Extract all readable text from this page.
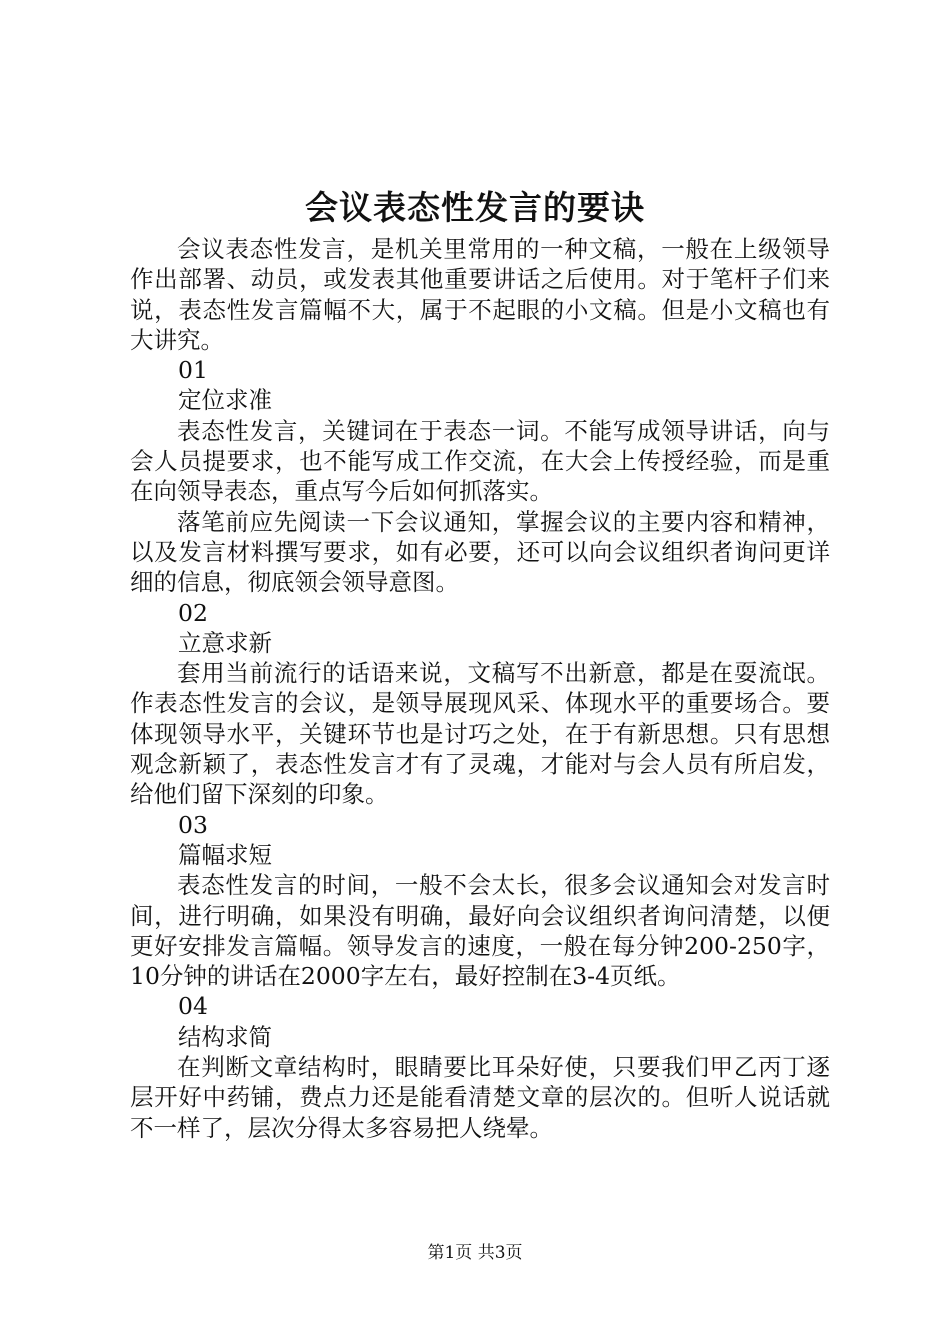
会议表态性发言的要诀

会议表态性发言，是机关里常用的一种文稿，一般在上级领导作出部署、动员，或发表其他重要讲话之后使用。对于笔杆子们来说，表态性发言篇幅不大，属于不起眼的小文稿。但是小文稿也有大讲究。

01

定位求准

表态性发言，关键词在于表态一词。不能写成领导讲话，向与会人员提要求，也不能写成工作交流，在大会上传授经验，而是重在向领导表态，重点写今后如何抓落实。

落笔前应先阅读一下会议通知，掌握会议的主要内容和精神，以及发言材料撰写要求，如有必要，还可以向会议组织者询问更详细的信息，彻底领会领导意图。

02

立意求新

套用当前流行的话语来说，文稿写不出新意，都是在耍流氓。作表态性发言的会议，是领导展现风采、体现水平的重要场合。要体现领导水平，关键环节也是讨巧之处，在于有新思想。只有思想观念新颖了，表态性发言才有了灵魂，才能对与会人员有所启发，给他们留下深刻的印象。

03

篇幅求短

表态性发言的时间，一般不会太长，很多会议通知会对发言时间，进行明确，如果没有明确，最好向会议组织者询问清楚，以便更好安排发言篇幅。领导发言的速度，一般在每分钟200-250字，10分钟的讲话在2000字左右，最好控制在3-4页纸。

04

结构求简

在判断文章结构时，眼睛要比耳朵好使，只要我们甲乙丙丁逐层开好中药铺，费点力还是能看清楚文章的层次的。但听人说话就不一样了，层次分得太多容易把人绕晕。

第1页 共3页
